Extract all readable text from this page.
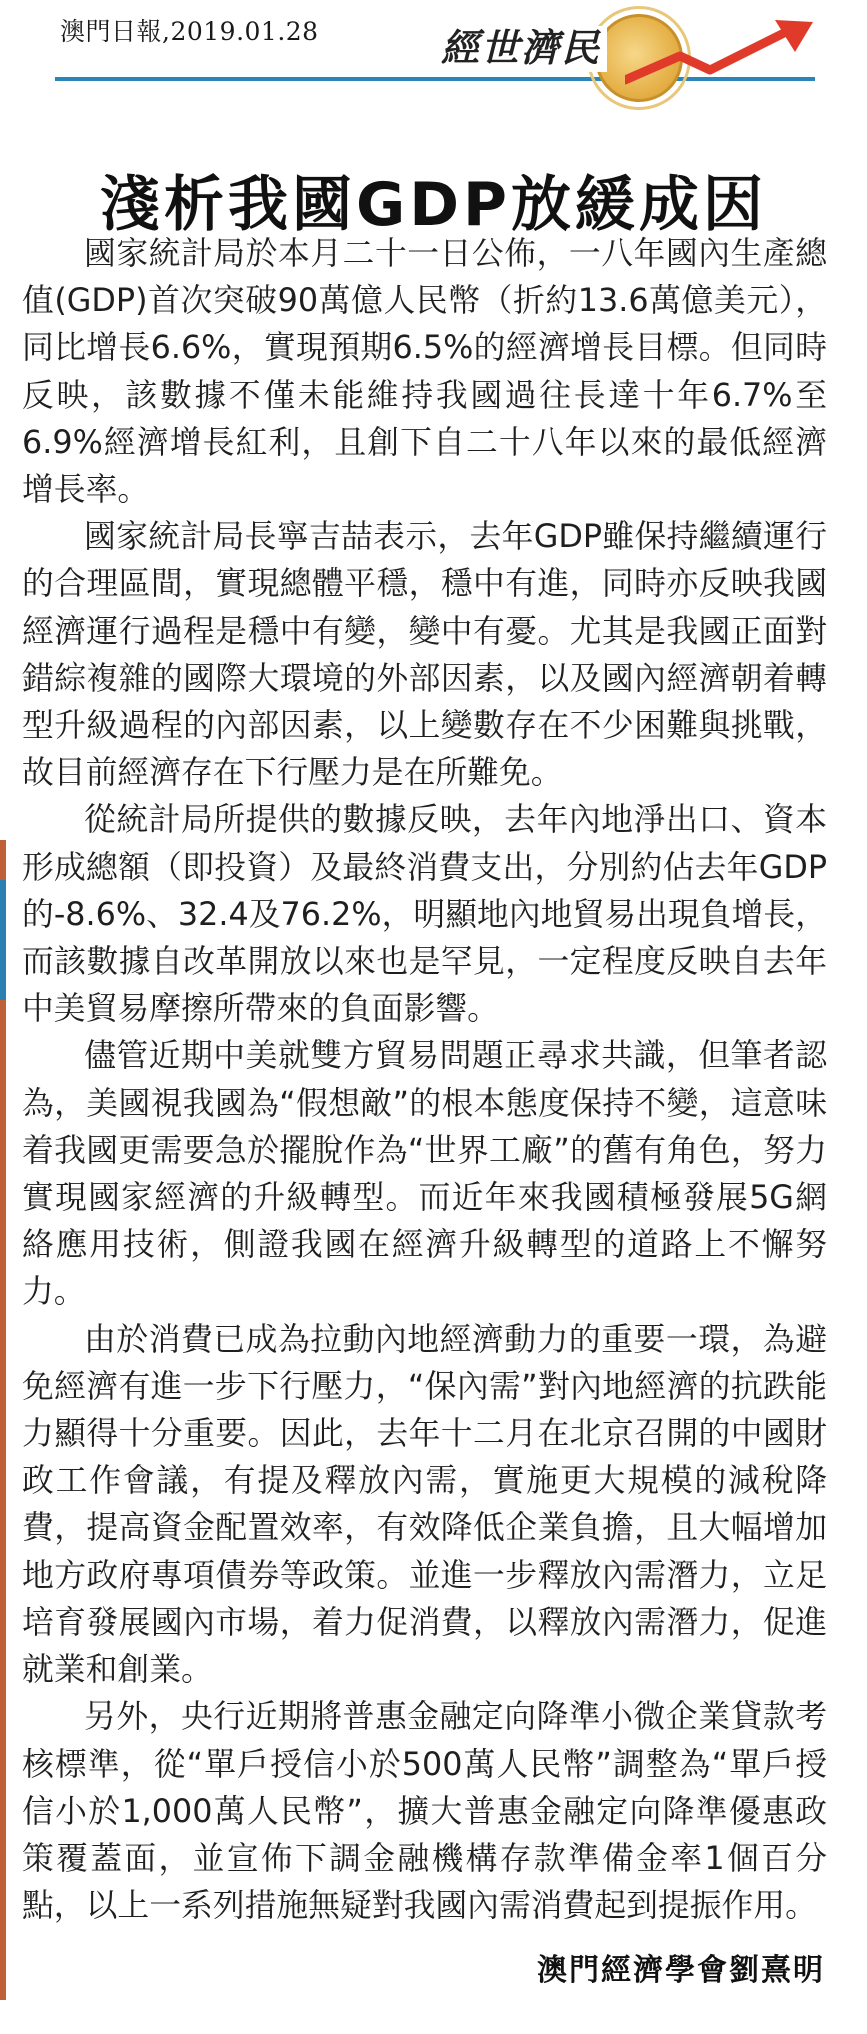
澳門日報,2019.01.28	經世濟民
淺析我國GDP放緩成因

國家統計局於本月二十一日公佈，一八年國內生產總值(GDP)首次突破90萬億人民幣（折約13.6萬億美元），同比增長6.6%，實現預期6.5%的經濟增長目標。但同時反映，該數據不僅未能維持我國過往長達十年6.7%至6.9%經濟增長紅利，且創下自二十八年以來的最低經濟增長率。

國家統計局長寧吉喆表示，去年GDP雖保持繼續運行的合理區間，實現總體平穩，穩中有進，同時亦反映我國經濟運行過程是穩中有變，變中有憂。尤其是我國正面對錯綜複雜的國際大環境的外部因素，以及國內經濟朝着轉型升級過程的內部因素，以上變數存在不少困難與挑戰，故目前經濟存在下行壓力是在所難免。

從統計局所提供的數據反映，去年內地淨出口、資本形成總額（即投資）及最終消費支出，分別約佔去年GDP的-8.6%、32.4及76.2%，明顯地內地貿易出現負增長，而該數據自改革開放以來也是罕見，一定程度反映自去年中美貿易摩擦所帶來的負面影響。

儘管近期中美就雙方貿易問題正尋求共識，但筆者認為，美國視我國為“假想敵”的根本態度保持不變，這意味着我國更需要急於擺脫作為“世界工廠”的舊有角色，努力實現國家經濟的升級轉型。而近年來我國積極發展5G網絡應用技術，側證我國在經濟升級轉型的道路上不懈努力。

由於消費已成為拉動內地經濟動力的重要一環，為避免經濟有進一步下行壓力，“保內需”對內地經濟的抗跌能力顯得十分重要。因此，去年十二月在北京召開的中國財政工作會議，有提及釋放內需，實施更大規模的減稅降費，提高資金配置效率，有效降低企業負擔，且大幅增加地方政府專項債券等政策。並進一步釋放內需潛力，立足培育發展國內市場，着力促消費，以釋放內需潛力，促進就業和創業。

另外，央行近期將普惠金融定向降準小微企業貸款考核標準，從“單戶授信小於500萬人民幣”調整為“單戶授信小於1,000萬人民幣”，擴大普惠金融定向降準優惠政策覆蓋面，並宣佈下調金融機構存款準備金率1個百分點，以上一系列措施無疑對我國內需消費起到提振作用。

澳門經濟學會劉熹明
